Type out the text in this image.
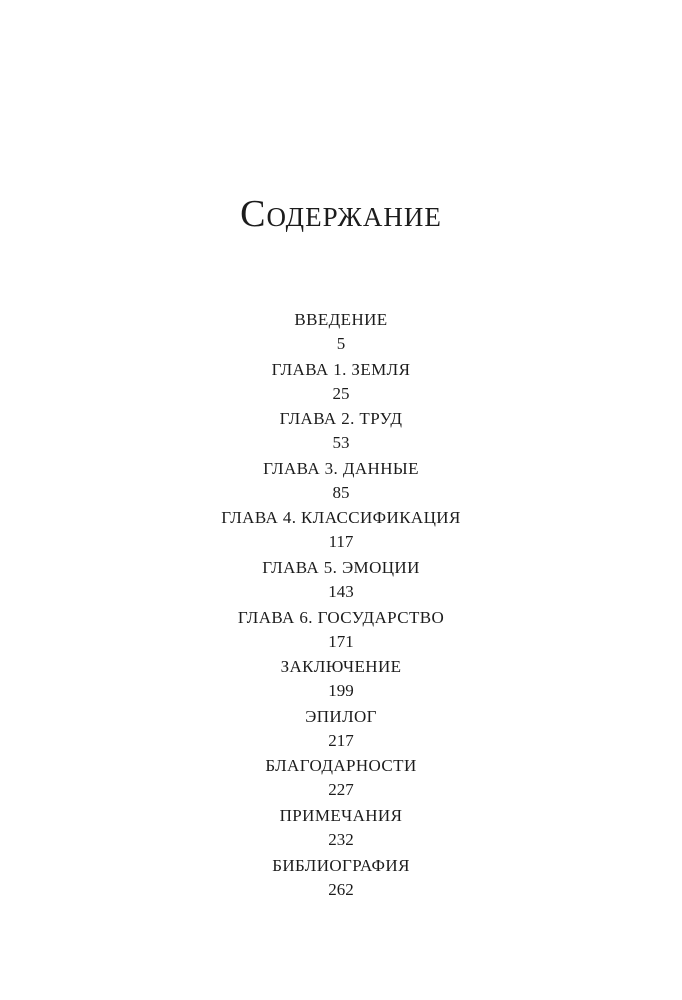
Содержание
ВВЕДЕНИЕ
5
ГЛАВА 1. ЗЕМЛЯ
25
ГЛАВА 2. ТРУД
53
ГЛАВА 3. ДАННЫЕ
85
ГЛАВА 4. КЛАССИФИКАЦИЯ
117
ГЛАВА 5. ЭМОЦИИ
143
ГЛАВА 6. ГОСУДАРСТВО
171
ЗАКЛЮЧЕНИЕ
199
ЭПИЛОГ
217
БЛАГОДАРНОСТИ
227
ПРИМЕЧАНИЯ
232
БИБЛИОГРАФИЯ
262
